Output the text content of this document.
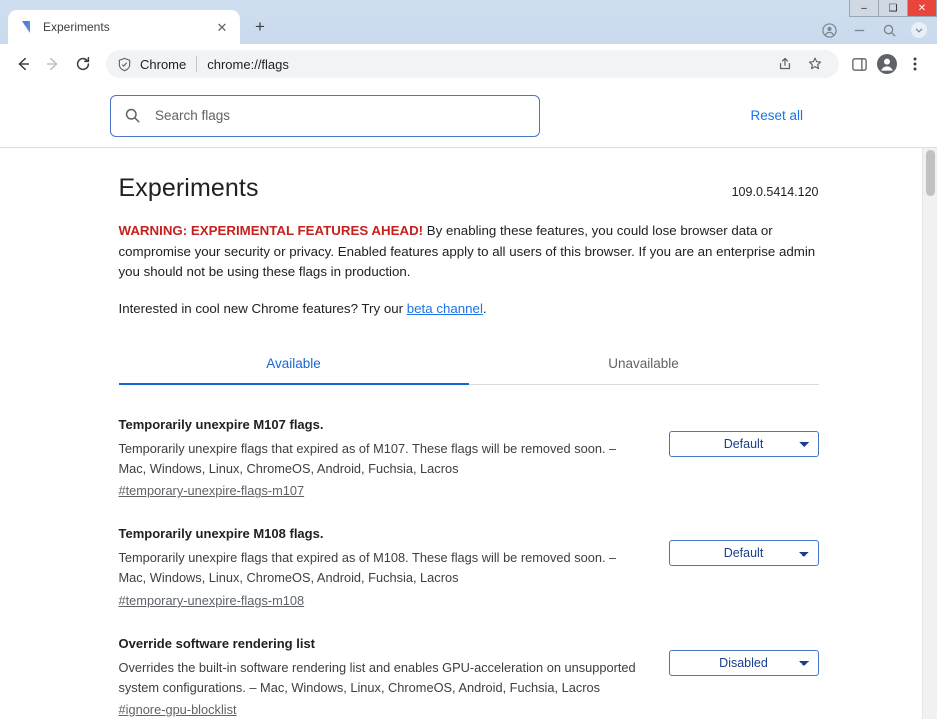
Experiments	✕	+
–	❑	✕
Chrome chrome://flags
Search flags
Reset all
Experiments	109.0.5414.120

WARNING: EXPERIMENTAL FEATURES AHEAD! By enabling these features, you could lose browser data or compromise your security or privacy. Enabled features apply to all users of this browser. If you are an enterprise admin you should not be using these flags in production.

Interested in cool new Chrome features? Try our beta channel.

Available	Unavailable

Temporarily unexpire M107 flags.

Temporarily unexpire flags that expired as of M107. These flags will be removed soon. – Mac, Windows, Linux, ChromeOS, Android, Fuchsia, Lacros

#temporary-unexpire-flags-m107
Default

Temporarily unexpire M108 flags.

Temporarily unexpire flags that expired as of M108. These flags will be removed soon. – Mac, Windows, Linux, ChromeOS, Android, Fuchsia, Lacros

#temporary-unexpire-flags-m108
Default

Override software rendering list

Overrides the built-in software rendering list and enables GPU-acceleration on unsupported system configurations. – Mac, Windows, Linux, ChromeOS, Android, Fuchsia, Lacros

#ignore-gpu-blocklist
Disabled
